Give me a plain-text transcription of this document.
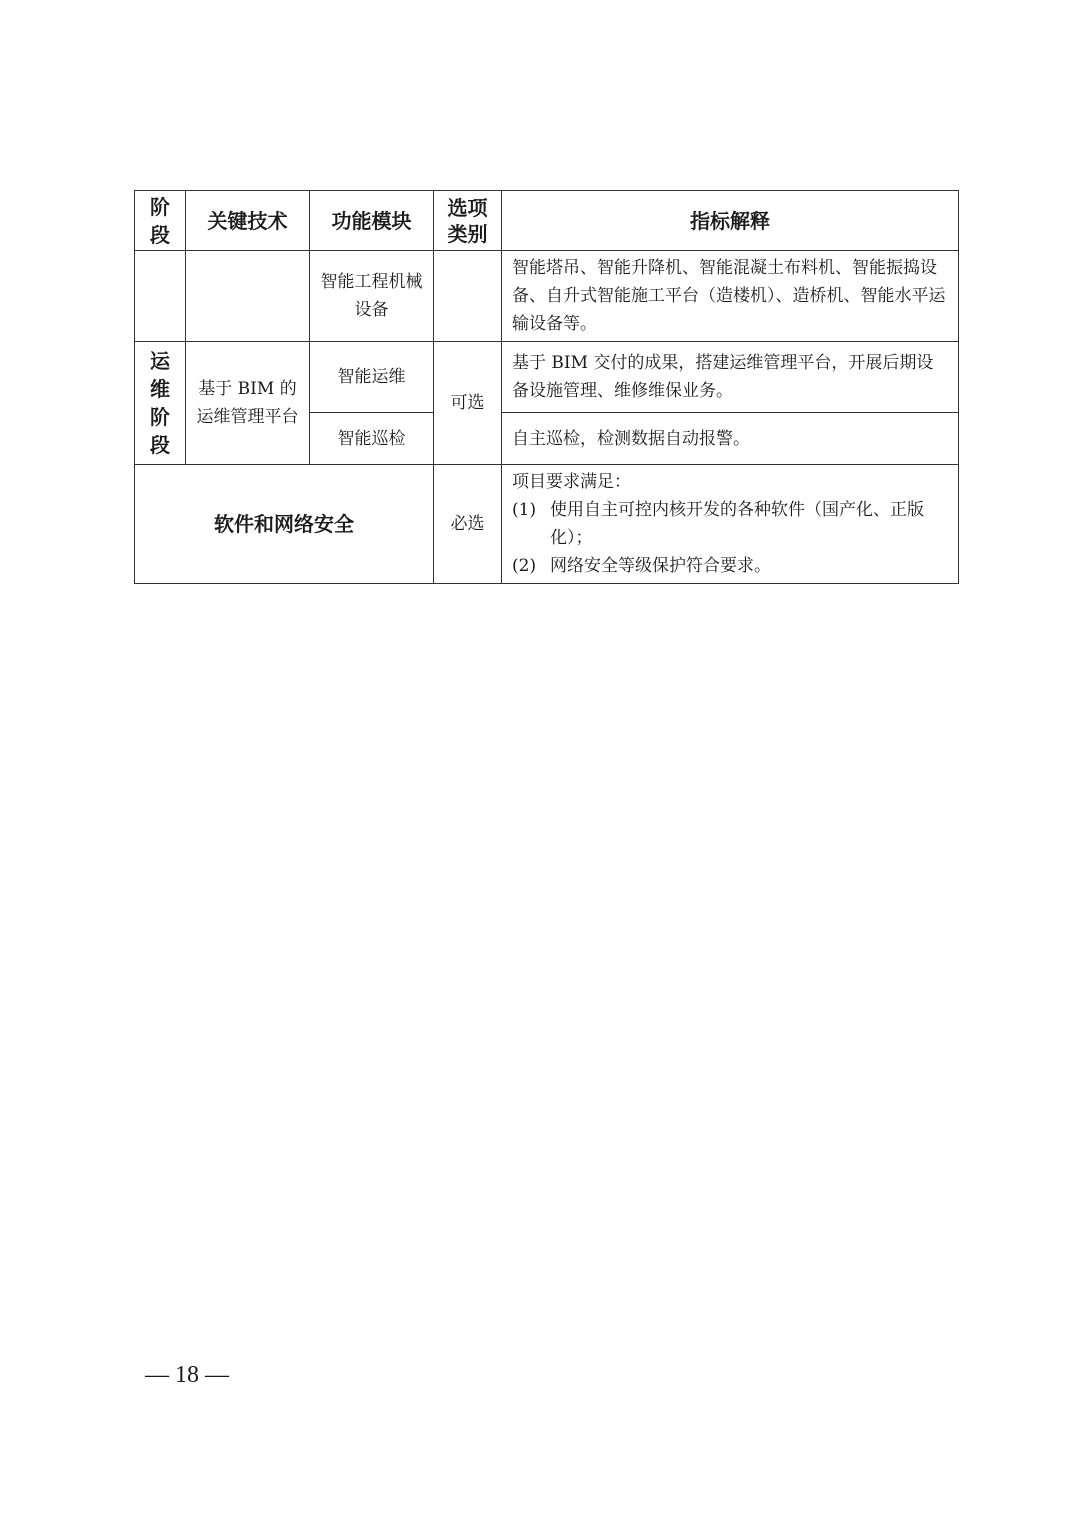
阶段	关键技术	功能模块	选项类别	指标解释
		智能工程机械设备		智能塔吊、智能升降机、智能混凝土布料机、智能振捣设备、自升式智能施工平台（造楼机）、造桥机、智能水平运输设备等。
运维阶段	基于 BIM 的运维管理平台	智能运维	可选	基于 BIM 交付的成果，搭建运维管理平台，开展后期设备设施管理、维修维保业务。
		智能巡检		自主巡检，检测数据自动报警。
软件和网络安全			必选	项目要求满足：
(1) 使用自主可控内核开发的各种软件（国产化、正版化）；
(2) 网络安全等级保护符合要求。
— 18 —
